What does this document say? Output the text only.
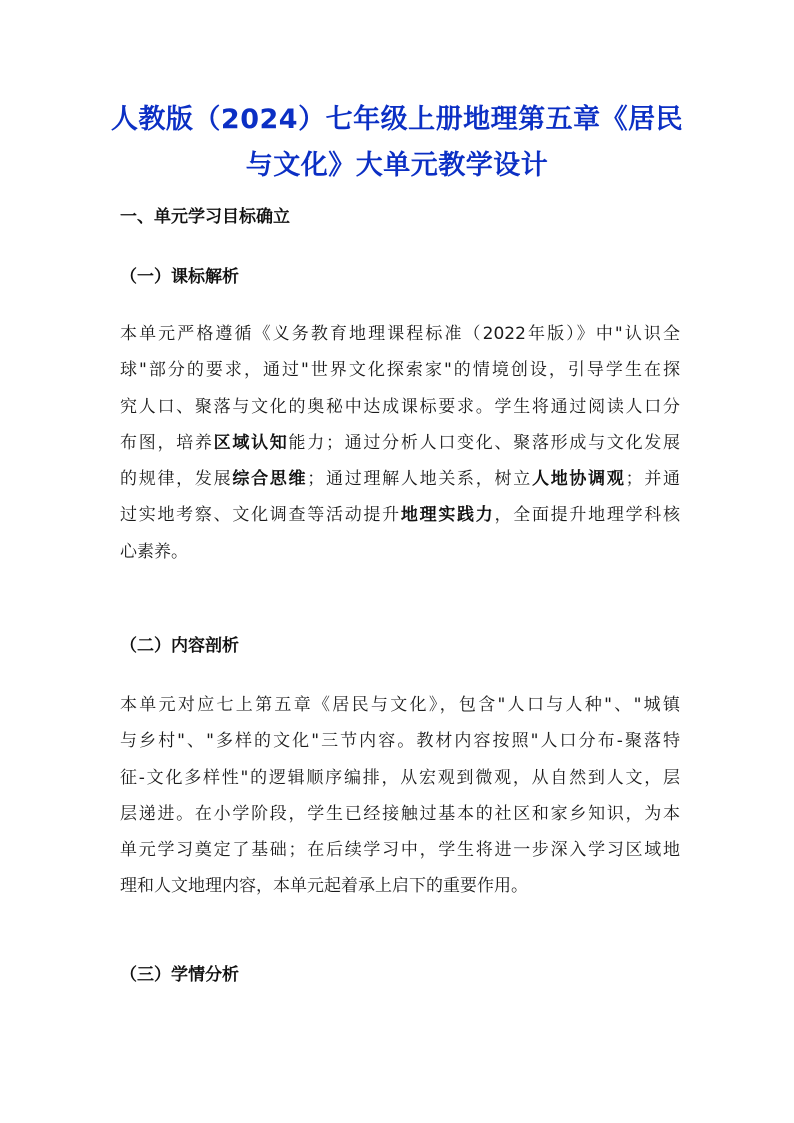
人教版（2024）七年级上册地理第五章《居民
与文化》大单元教学设计
一、单元学习目标确立
（一）课标解析
本单元严格遵循《义务教育地理课程标准（2022年版）》中"认识全
球"部分的要求，通过"世界文化探索家"的情境创设，引导学生在探
究人口、聚落与文化的奥秘中达成课标要求。学生将通过阅读人口分
布图，培养区域认知能力；通过分析人口变化、聚落形成与文化发展
的规律，发展综合思维；通过理解人地关系，树立人地协调观；并通
过实地考察、文化调查等活动提升地理实践力，全面提升地理学科核
心素养。
（二）内容剖析
本单元对应七上第五章《居民与文化》，包含"人口与人种"、"城镇
与乡村"、"多样的文化"三节内容。教材内容按照"人口分布-聚落特
征-文化多样性"的逻辑顺序编排，从宏观到微观，从自然到人文，层
层递进。在小学阶段，学生已经接触过基本的社区和家乡知识，为本
单元学习奠定了基础；在后续学习中，学生将进一步深入学习区域地
理和人文地理内容，本单元起着承上启下的重要作用。
（三）学情分析
